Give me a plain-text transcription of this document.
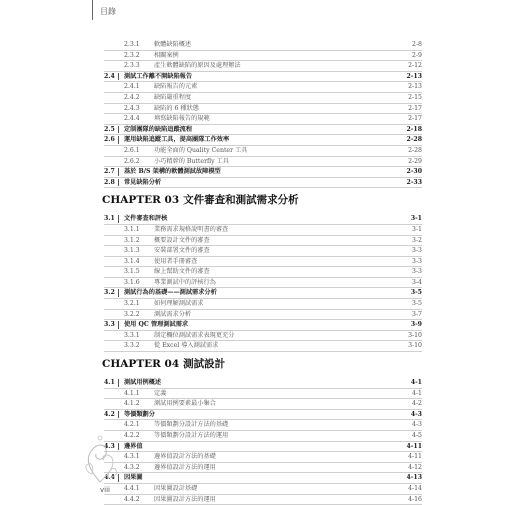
目錄
2.3.1 軟體缺陷概述	2-8
2.3.2 相關案例	2-9
2.3.3 產生軟體缺陷的原因及處理辦法	2-12
2.4 測試工作離不開缺陷報告	2-13
2.4.1 缺陷報告的元素	2-13
2.4.2 缺陷嚴重程度	2-15
2.4.3 缺陷的 6 種狀態	2-17
2.4.4 填寫缺陷報告的規範	2-17
2.5 定制團隊的缺陷追蹤流程	2-18
2.6 運用缺陷追蹤工具，提高團隊工作效率	2-28
2.6.1 功能全面的 Quality Center 工具	2-28
2.6.2 小巧精幹的 Butterfly 工具	2-29
2.7 基於 B/S 架構的軟體測試故障模型	2-30
2.8 常見缺陷分析	2-33
CHAPTER 03 文件審查和測試需求分析
3.1 文件審查和評核	3-1
3.1.1 業務需求規格說明書的審查	3-1
3.1.2 概要設計文件的審查	3-2
3.1.3 安裝部署文件的審查	3-3
3.1.4 使用者手冊審查	3-3
3.1.5 線上幫助文件的審查	3-3
3.1.6 專業測試中的評核行為	3-4
3.2 測試行為的基礎——測試需求分析	3-5
3.2.1 如何理解測試需求	3-5
3.2.2 測試需求分析	3-7
3.3 使用 QC 管理測試需求	3-9
3.3.1 制定欄位測試需求表現更充分	3-10
3.3.2 從 Excel 導入測試需求	3-10
CHAPTER 04 測試設計
4.1 測試用例概述	4-1
4.1.1 定義	4-1
4.1.2 測試用例要素最小集合	4-2
4.2 等價類劃分	4-3
4.2.1 等價類劃分設計方法的基礎	4-3
4.2.2 等價類劃分設計方法的運用	4-5
4.3 邊界值	4-11
4.3.1 邊界值設計方法的基礎	4-11
4.3.2 邊界值設計方法的運用	4-12
4.4 因果圖	4-13
4.4.1 因果圖設計基礎	4-14
4.4.2 因果圖設計方法的運用	4-16
viii
